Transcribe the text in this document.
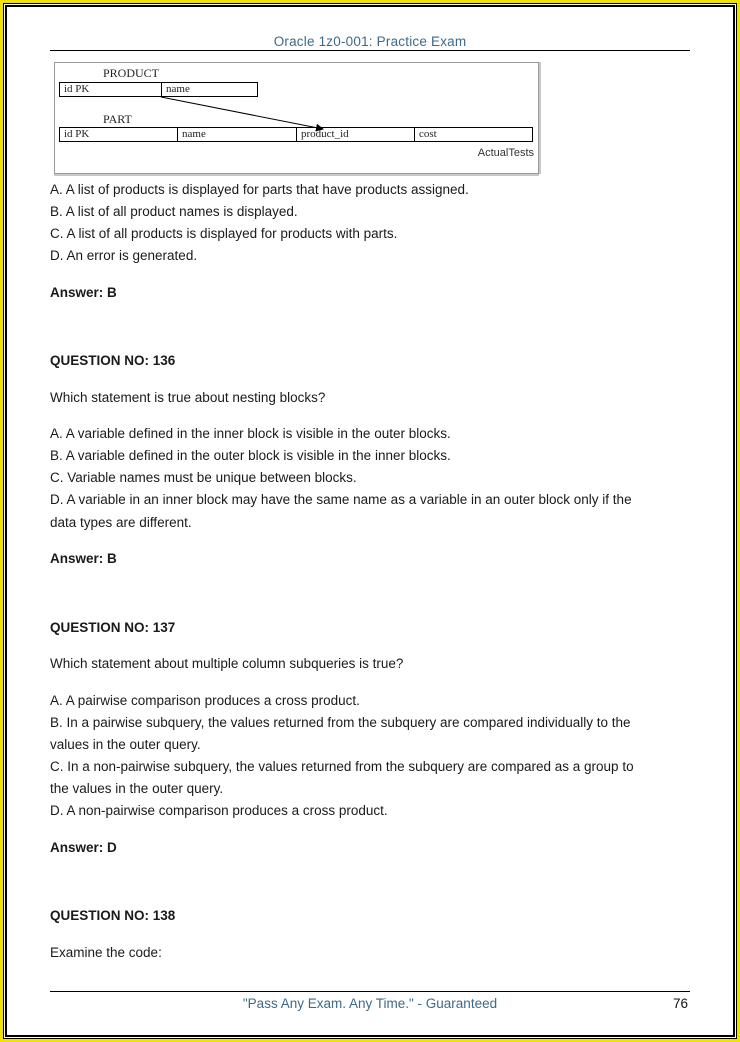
Oracle 1z0-001: Practice Exam
PRODUCT
id PK	name
PART
id PK	name	product_id	cost
ActualTests
A. A list of products is displayed for parts that have products assigned.
B. A list of all product names is displayed.
C. A list of all products is displayed for products with parts.
D. An error is generated.
Answer: B
QUESTION NO: 136
Which statement is true about nesting blocks?
A. A variable defined in the inner block is visible in the outer blocks.
B. A variable defined in the outer block is visible in the inner blocks.
C. Variable names must be unique between blocks.
D. A variable in an inner block may have the same name as a variable in an outer block only if the
data types are different.
Answer: B
QUESTION NO: 137
Which statement about multiple column subqueries is true?
A. A pairwise comparison produces a cross product.
B. In a pairwise subquery, the values returned from the subquery are compared individually to the
values in the outer query.
C. In a non-pairwise subquery, the values returned from the subquery are compared as a group to
the values in the outer query.
D. A non-pairwise comparison produces a cross product.
Answer: D
QUESTION NO: 138
Examine the code:
"Pass Any Exam. Any Time." - Guaranteed	76
